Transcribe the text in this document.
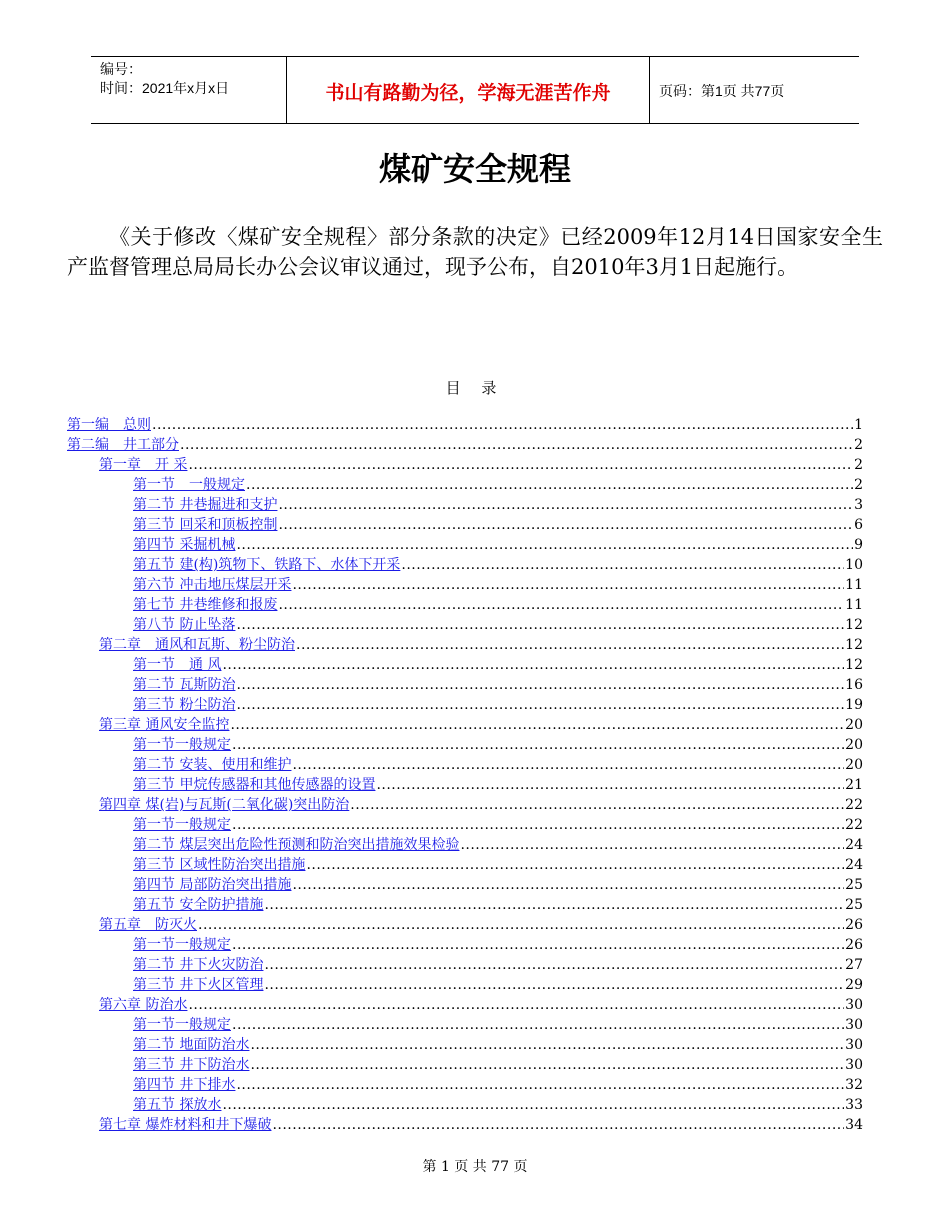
编号：
时间：2021年x月x日	书山有路勤为径，学海无涯苦作舟	页码：第1页 共77页
煤矿安全规程
《关于修改〈煤矿安全规程〉部分条款的决定》已经2009年12月14日国家安全生产监督管理总局局长办公会议审议通过，现予公布，自2010年3月1日起施行。
目 录
第一编　总则 .....	1
第二编　井工部分 .....	2
第一章　开 采 .....	2
第一节　一般规定 .....	2
第二节 井巷掘进和支护 .....	3
第三节 回采和顶板控制 .....	6
第四节 采掘机械 .....	9
第五节 建(构)筑物下、铁路下、水体下开采 .....	10
第六节 冲击地压煤层开采 .....	11
第七节 井巷维修和报废 .....	11
第八节 防止坠落 .....	12
第二章　通风和瓦斯、粉尘防治 .....	12
第一节　通 风 .....	12
第二节 瓦斯防治 .....	16
第三节 粉尘防治 .....	19
第三章 通风安全监控 .....	20
第一节一般规定 .....	20
第二节 安装、使用和维护 .....	20
第三节 甲烷传感器和其他传感器的设置 .....	21
第四章 煤(岩)与瓦斯(二氧化碳)突出防治 .....	22
第一节一般规定 .....	22
第二节 煤层突出危险性预测和防治突出措施效果检验 .....	24
第三节 区域性防治突出措施 .....	24
第四节 局部防治突出措施 .....	25
第五节 安全防护措施 .....	25
第五章　防灭火 .....	26
第一节一般规定 .....	26
第二节 井下火灾防治 .....	27
第三节 井下火区管理 .....	29
第六章 防治水 .....	30
第一节一般规定 .....	30
第二节 地面防治水 .....	30
第三节 井下防治水 .....	30
第四节 井下排水 .....	32
第五节 探放水 .....	33
第七章 爆炸材料和井下爆破 .....	34
第 1 页 共 77 页
